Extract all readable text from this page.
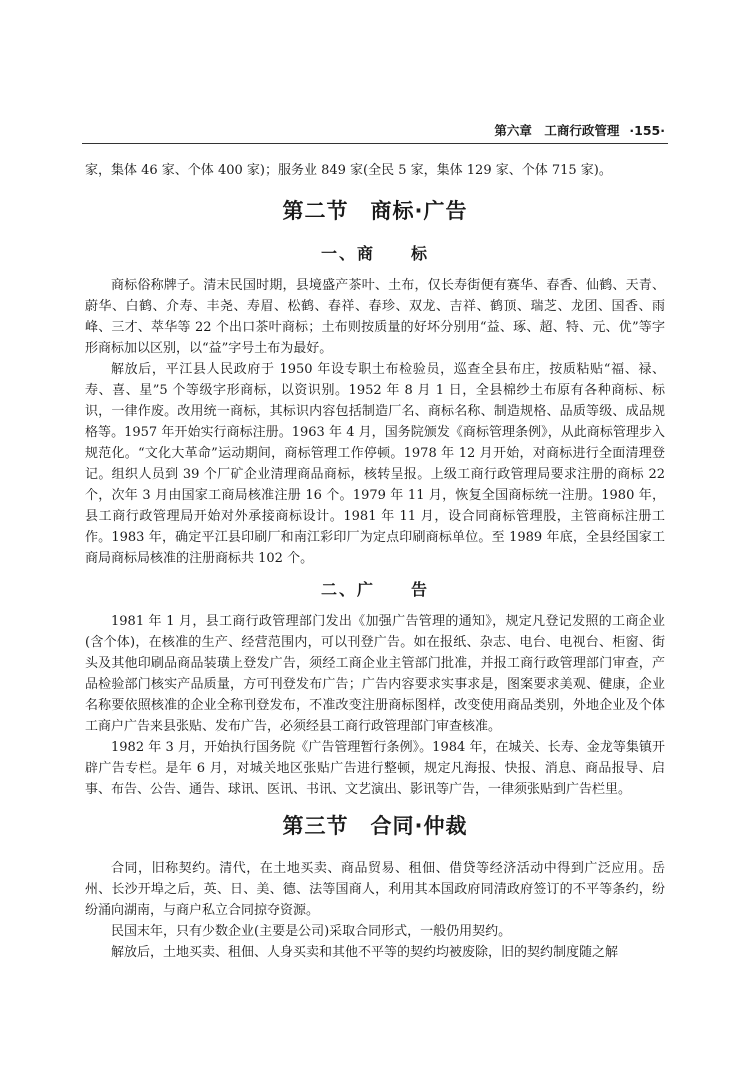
第六章　工商行政管理 ·155·

家，集体 46 家、个体 400 家)；服务业 849 家(全民 5 家，集体 129 家、个体 715 家)。

第二节　商标·广告
一、商　　标

商标俗称牌子。清末民国时期，县境盛产茶叶、土布，仅长寿街便有赛华、春香、仙鹤、天青、蔚华、白鹤、介寿、丰尧、寿眉、松鹤、春祥、春珍、双龙、吉祥、鹤顶、瑞芝、龙团、国香、雨峰、三才、萃华等 22 个出口茶叶商标；土布则按质量的好坏分别用“益、琢、超、特、元、优”等字形商标加以区别，以“益”字号土布为最好。

解放后，平江县人民政府于 1950 年设专职土布检验员，巡查全县布庄，按质粘贴“福、禄、寿、喜、星”5 个等级字形商标，以资识别。1952 年 8 月 1 日，全县棉纱土布原有各种商标、标识，一律作废。改用统一商标，其标识内容包括制造厂名、商标名称、制造规格、品质等级、成品规格等。1957 年开始实行商标注册。1963 年 4 月，国务院颁发《商标管理条例》，从此商标管理步入规范化。“文化大革命”运动期间，商标管理工作停顿。1978 年 12 月开始，对商标进行全面清理登记。组织人员到 39 个厂矿企业清理商品商标，核转呈报。上级工商行政管理局要求注册的商标 22 个，次年 3 月由国家工商局核准注册 16 个。1979 年 11 月，恢复全国商标统一注册。1980 年，县工商行政管理局开始对外承接商标设计。1981 年 11 月，设合同商标管理股，主管商标注册工作。1983 年，确定平江县印刷厂和南江彩印厂为定点印刷商标单位。至 1989 年底，全县经国家工商局商标局核准的注册商标共 102 个。

二、广　　告

1981 年 1 月，县工商行政管理部门发出《加强广告管理的通知》，规定凡登记发照的工商企业(含个体)，在核准的生产、经营范围内，可以刊登广告。如在报纸、杂志、电台、电视台、柜窗、街头及其他印刷品商品装璜上登发广告，须经工商企业主管部门批准，并报工商行政管理部门审查，产品检验部门核实产品质量，方可刊登发布广告；广告内容要求实事求是，图案要求美观、健康，企业名称要依照核准的企业全称刊登发布，不准改变注册商标图样，改变使用商品类别，外地企业及个体工商户广告来县张贴、发布广告，必须经县工商行政管理部门审查核准。

1982 年 3 月，开始执行国务院《广告管理暂行条例》。1984 年，在城关、长寿、金龙等集镇开辟广告专栏。是年 6 月，对城关地区张贴广告进行整顿，规定凡海报、快报、消息、商品报导、启事、布告、公告、通告、球讯、医讯、书讯、文艺演出、影讯等广告，一律须张贴到广告栏里。

第三节　合同·仲裁

合同，旧称契约。清代，在土地买卖、商品贸易、租佃、借贷等经济活动中得到广泛应用。岳州、长沙开埠之后，英、日、美、德、法等国商人，利用其本国政府同清政府签订的不平等条约，纷纷涌向湖南，与商户私立合同掠夺资源。

民国末年，只有少数企业(主要是公司)采取合同形式，一般仍用契约。

解放后，土地买卖、租佃、人身买卖和其他不平等的契约均被废除，旧的契约制度随之解
